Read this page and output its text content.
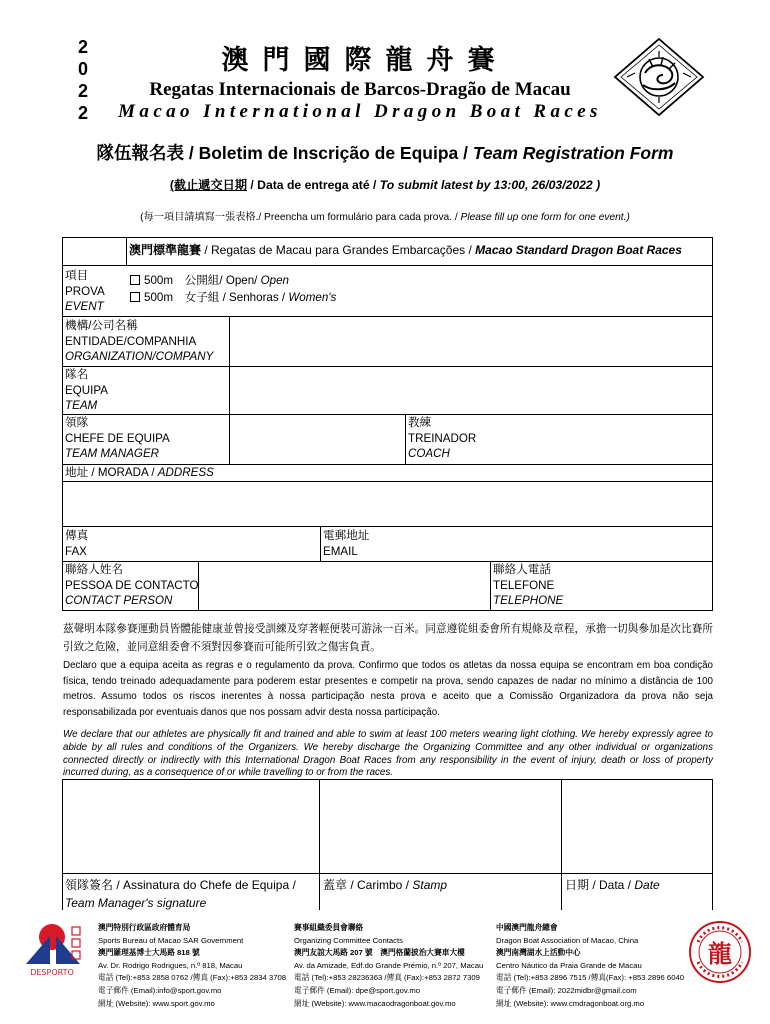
2
0
2
2
澳門國際龍舟賽
Regatas Internacionais de Barcos-Dragão de Macau
Macao International Dragon Boat Races
隊伍報名表 / Boletim de Inscrição de Equipa / Team Registration Form
(截止遞交日期 / Data de entrega até / To submit latest by 13:00, 26/03/2022 )
(每一項目請填寫一張表格./ Preencha um formulário para cada prova. / Please fill up one form for one event.)
澳門標準龍賽 / Regatas de Macau para Grandes Embarcações / Macao Standard Dragon Boat Races
項目
PROVA
EVENT
500m　公開組/ Open/ Open
500m　女子組 / Senhoras / Women's
機構/公司名稱
ENTIDADE/COMPANHIA
ORGANIZATION/COMPANY
隊名
EQUIPA
TEAM
領隊
CHEFE DE EQUIPA
TEAM MANAGER
教練
TREINADOR
COACH
地址 / MORADA / ADDRESS
傳真
FAX
電郵地址
EMAIL
聯絡人姓名
PESSOA DE CONTACTO
CONTACT PERSON
聯絡人電話
TELEFONE
TELEPHONE
茲聲明本隊參賽運動員皆體能健康並曾接受訓練及穿著輕便裝可游泳一百米。同意遵從組委會所有規條及章程，承擔一切與參加是次比賽所引致之危險，並同意組委會不須對因參賽而可能所引致之傷害負責。
Declaro que a equipa aceita as regras e o regulamento da prova. Confirmo que todos os atletas da nossa equipa se encontram em boa condição física, tendo treinado adequadamente para poderem estar presentes e competir na prova, sendo capazes de nadar no mínimo a distância de 100 metros. Assumo todos os riscos inerentes à nossa participação nesta prova e aceito que a Comissão Organizadora da prova não seja responsabilizada por eventuais danos que nos possam advir desta nossa participação.
We declare that our athletes are physically fit and trained and able to swim at least 100 meters wearing light clothing. We hereby expressly agree to abide by all rules and conditions of the Organizers. We hereby discharge the Organizing Committee and any other individual or organizations connected directly or indirectly with this International Dragon Boat Races from any responsibility in the event of injury, death or loss of property incurred during, as a consequence of or while travelling to or from the races.
領隊簽名 / Assinatura do Chefe de Equipa / Team Manager's signature
蓋章 / Carimbo / Stamp	日期 / Data / Date
DESPORTO
澳門特別行政區政府體育局
Sports Bureau of Macao SAR Government
澳門羅理基博士大馬路 818 號
Av. Dr. Rodrigo Rodrigues, n.º 818, Macau
電話 (Tel):+853 2858 0762 /傳真 (Fax):+853 2834 3708
電子郵件 (Email):info@sport.gov.mo
網址 (Website): www.sport.gov.mo
賽事組織委員會聯絡
Organizing Committee Contacts
澳門友誼大馬路 207 號　澳門格蘭披治大賽車大樓
Av. da Amizade, Edf.do Grande Prémio, n.º 207, Macau
電話 (Tel):+853 28236363 /傳真 (Fax):+853 2872 7309
電子郵件 (Email): dpe@sport.gov.mo
網址 (Website): www.macaodragonboat.gov.mo
中國澳門龍舟總會
Dragon Boat Association of Macao, China
澳門南灣湖水上活動中心
Centro Náutico da Praia Grande de Macau
電話 (Tel):+853 2896 7515 /傳真(Fax): +853 2896 6040
電子郵件 (Email): 2022midbr@gmail.com
網址 (Website): www.cmdragonboat.org.mo
龍
